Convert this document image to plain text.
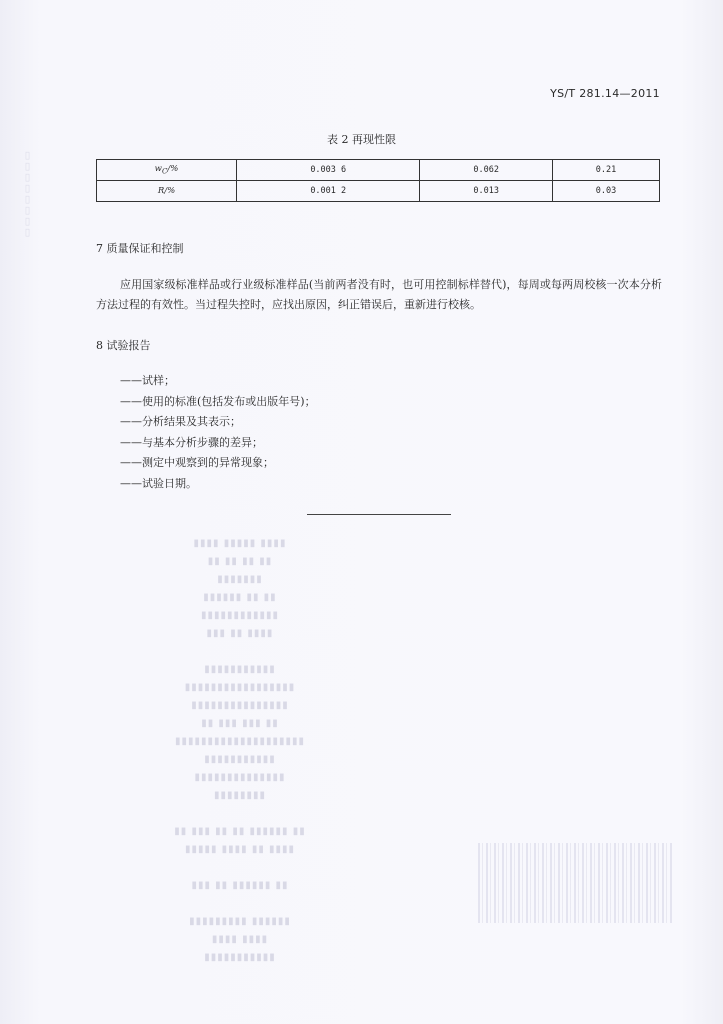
▯▯▯▯▯▯▯▯
YS/T 281.14—2011
表 2 再现性限
$w_C/\%$	0.003 6	0.062	0.21
R/%	0.001 2	0.013	0.03
7 质量保证和控制
应用国家级标准样品或行业级标准样品(当前两者没有时，也可用控制标样替代)，每周或每两周校核一次本分析方法过程的有效性。当过程失控时，应找出原因，纠正错误后，重新进行校核。
8 试验报告
——试样；
——使用的标准(包括发布或出版年号)；
——分析结果及其表示；
——与基本分析步骤的差异；
——测定中观察到的异常现象；
——试验日期。
▮▮▮▮ ▮▮▮▮▮ ▮▮▮▮
▮▮ ▮▮ ▮▮ ▮▮
▮▮▮▮▮▮▮
▮▮▮▮▮▮ ▮▮ ▮▮
▮▮▮▮▮▮▮▮▮▮▮▮
▮▮▮ ▮▮ ▮▮▮▮

▮▮▮▮▮▮▮▮▮▮▮
▮▮▮▮▮▮▮▮▮▮▮▮▮▮▮▮▮
▮▮▮▮▮▮▮▮▮▮▮▮▮▮▮
▮▮ ▮▮▮ ▮▮▮ ▮▮
▮▮▮▮▮▮▮▮▮▮▮▮▮▮▮▮▮▮▮▮
▮▮▮▮▮▮▮▮▮▮▮
▮▮▮▮▮▮▮▮▮▮▮▮▮▮
▮▮▮▮▮▮▮▮

▮▮ ▮▮▮ ▮▮ ▮▮ ▮▮▮▮▮▮ ▮▮
▮▮▮▮▮ ▮▮▮▮ ▮▮ ▮▮▮▮

▮▮▮ ▮▮ ▮▮▮▮▮▮ ▮▮

▮▮▮▮▮▮▮▮▮ ▮▮▮▮▮▮
▮▮▮▮ ▮▮▮▮
▮▮▮▮▮▮▮▮▮▮▮
